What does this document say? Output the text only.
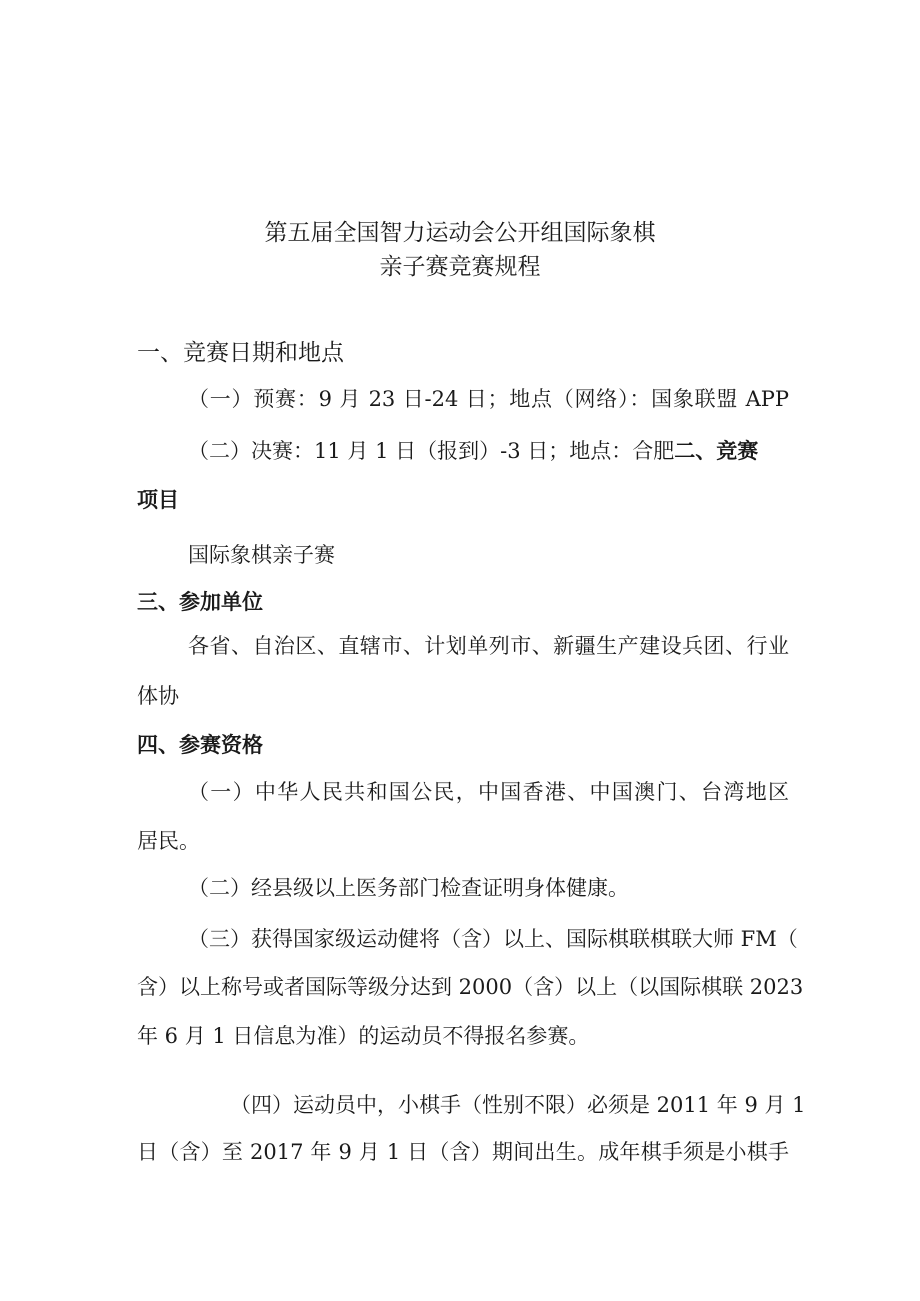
第五届全国智力运动会公开组国际象棋
亲子赛竞赛规程
一、竞赛日期和地点
（一）预赛：9 月 23 日-24 日；地点（网络）：国象联盟 APP
（二）决赛：11 月 1 日（报到）-3 日；地点：合肥二、竞赛
项目
国际象棋亲子赛
三、参加单位
各省、自治区、直辖市、计划单列市、新疆生产建设兵团、行业
体协
四、参赛资格
（一）中华人民共和国公民，中国香港、中国澳门、台湾地区
居民。
（二）经县级以上医务部门检查证明身体健康。
（三）获得国家级运动健将（含）以上、国际棋联棋联大师 FM（
含）以上称号或者国际等级分达到 2000（含）以上（以国际棋联 2023
年 6 月 1 日信息为准）的运动员不得报名参赛。
（四）运动员中，小棋手（性别不限）必须是 2011 年 9 月 1
日（含）至 2017 年 9 月 1 日（含）期间出生。成年棋手须是小棋手
